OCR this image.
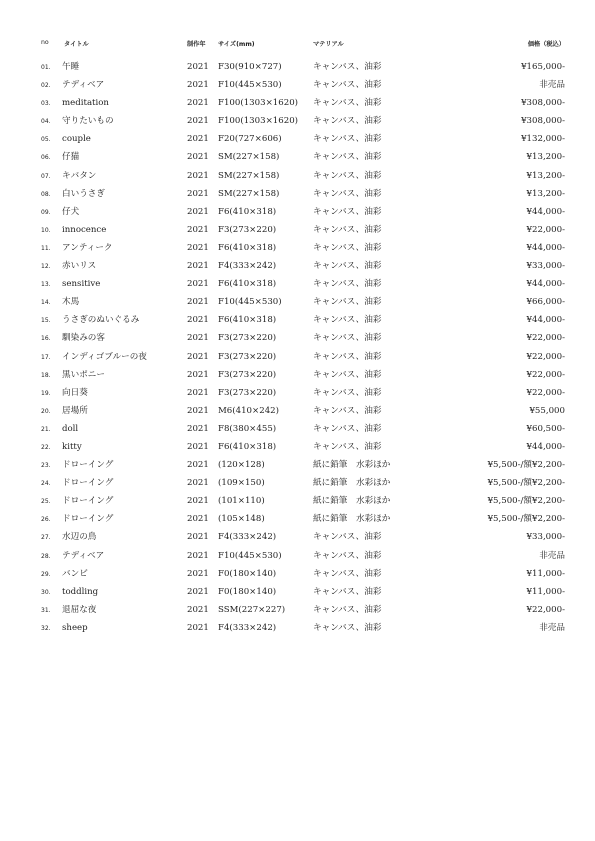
no タイトル	制作年 サイズ(mm)	マテリアル	価格（税込）
01. 午睡	2021 F30(910×727)	キャンバス、油彩	¥165,000-
02. テディベア	2021 F10(445×530)	キャンバス、油彩	非売品
03. meditation	2021 F100(1303×1620) キャンバス、油彩	¥308,000-
04. 守りたいもの	2021 F100(1303×1620) キャンバス、油彩	¥308,000-
05. couple	2021 F20(727×606)	キャンバス、油彩	¥132,000-
06. 仔猫	2021 SM(227×158)	キャンバス、油彩	¥13,200-
07. キバタン	2021 SM(227×158)	キャンバス、油彩	¥13,200-
08. 白いうさぎ	2021 SM(227×158)	キャンバス、油彩	¥13,200-
09. 仔犬	2021 F6(410×318)	キャンバス、油彩	¥44,000-
10. innocence	2021 F3(273×220)	キャンバス、油彩	¥22,000-
11. アンティーク	2021 F6(410×318)	キャンバス、油彩	¥44,000-
12. 赤いリス	2021 F4(333×242)	キャンバス、油彩	¥33,000-
13. sensitive	2021 F6(410×318)	キャンバス、油彩	¥44,000-
14. 木馬	2021 F10(445×530)	キャンバス、油彩	¥66,000-
15. うさぎのぬいぐるみ	2021 F6(410×318)	キャンバス、油彩	¥44,000-
16. 馴染みの客	2021 F3(273×220)	キャンバス、油彩	¥22,000-
17. インディゴブルーの夜	2021 F3(273×220)	キャンバス、油彩	¥22,000-
18. 黒いポニー	2021 F3(273×220)	キャンバス、油彩	¥22,000-
19. 向日葵	2021 F3(273×220)	キャンバス、油彩	¥22,000-
20. 居場所	2021 M6(410×242)	キャンバス、油彩	¥55,000
21. doll	2021 F8(380×455)	キャンバス、油彩	¥60,500-
22. kitty	2021 F6(410×318)	キャンバス、油彩	¥44,000-
23. ドローイング	2021 (120×128)	紙に鉛筆　水彩ほか	¥5,500-/額¥2,200-
24. ドローイング	2021 (109×150)	紙に鉛筆　水彩ほか	¥5,500-/額¥2,200-
25. ドローイング	2021 (101×110)	紙に鉛筆　水彩ほか	¥5,500-/額¥2,200-
26. ドローイング	2021 (105×148)	紙に鉛筆　水彩ほか	¥5,500-/額¥2,200-
27. 水辺の鳥	2021 F4(333×242)	キャンバス、油彩	¥33,000-
28. テディベア	2021 F10(445×530)	キャンバス、油彩	非売品
29. バンビ	2021 F0(180×140)	キャンバス、油彩	¥11,000-
30. toddling	2021 F0(180×140)	キャンバス、油彩	¥11,000-
31. 退屈な夜	2021 SSM(227×227)	キャンバス、油彩	¥22,000-
32. sheep	2021 F4(333×242)	キャンバス、油彩	非売品
